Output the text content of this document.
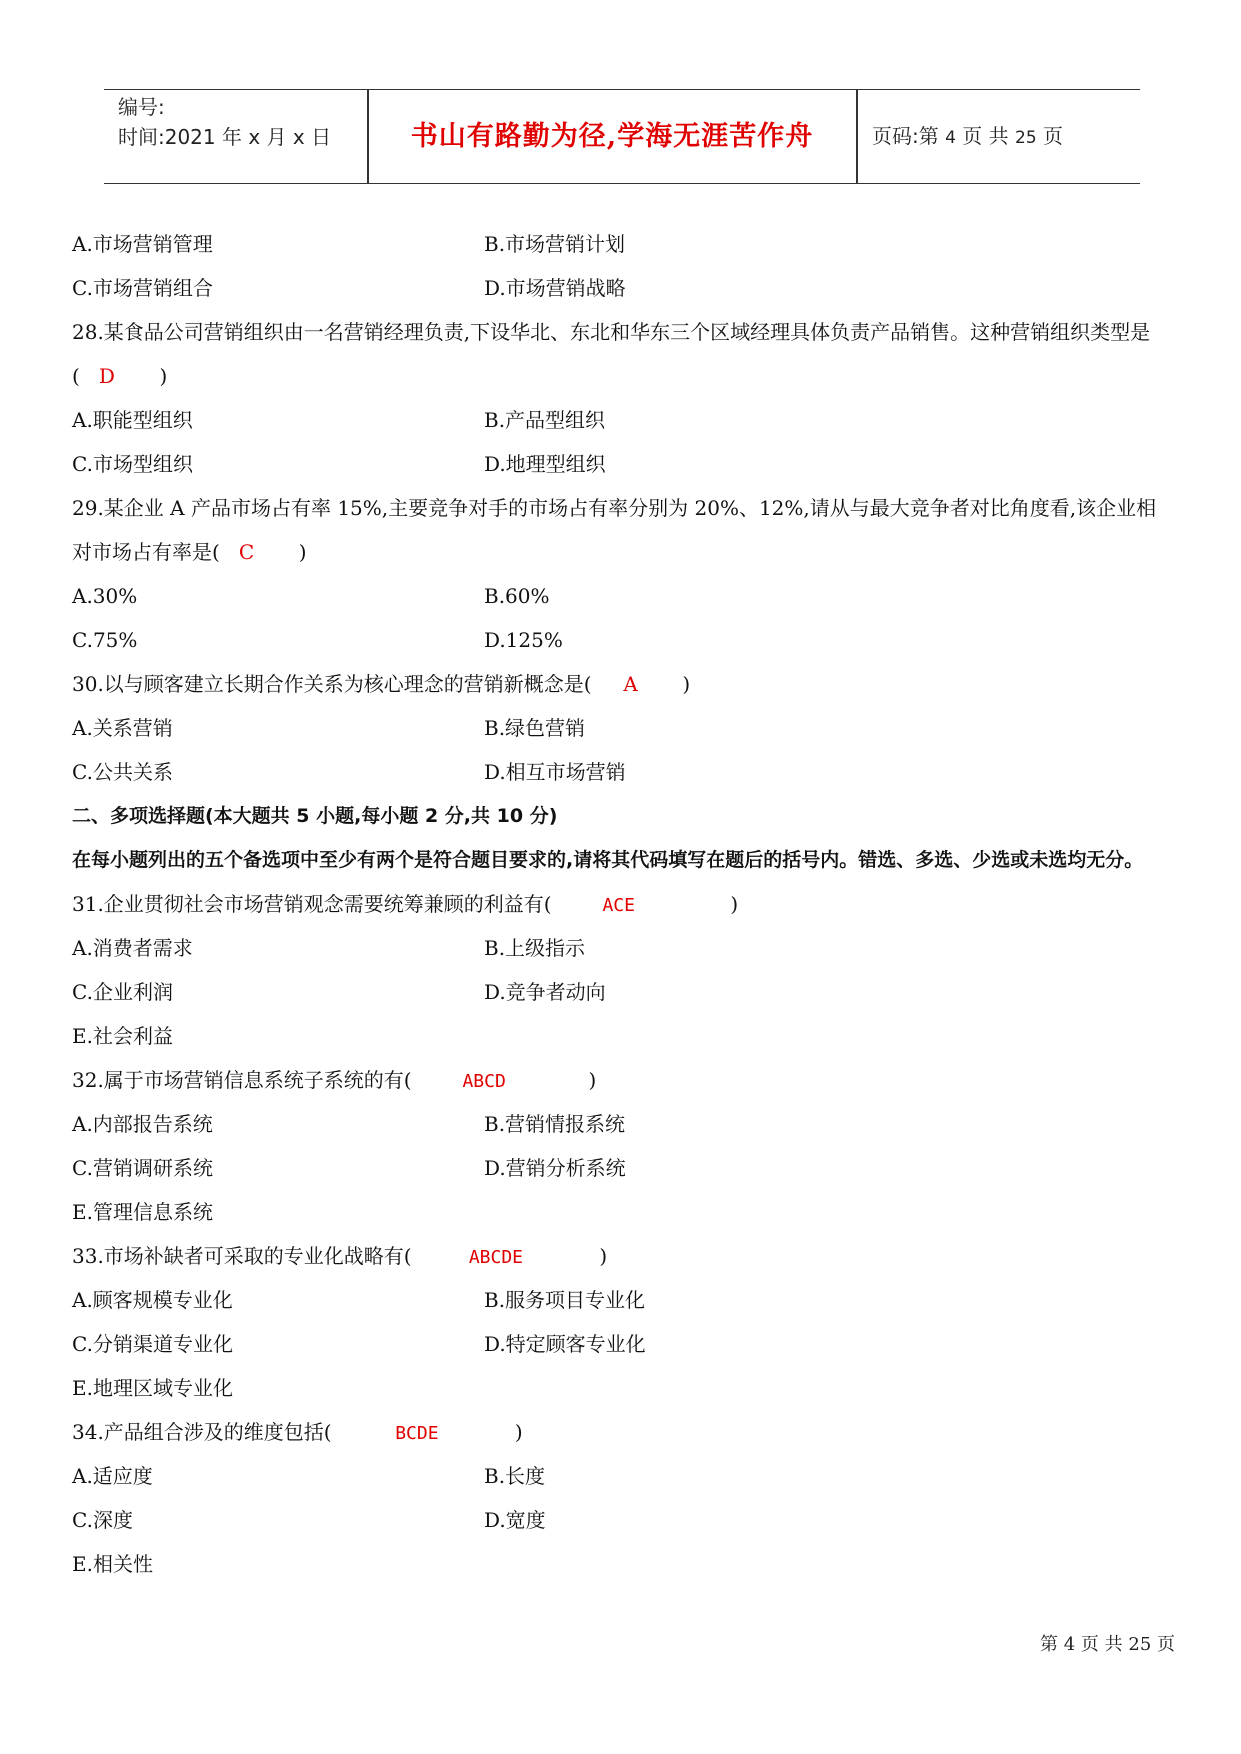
编号:
时间:2021 年 x 月 x 日	书山有路勤为径,学海无涯苦作舟	页码:第 4 页 共 25 页
A.市场营销管理	B.市场营销计划
C.市场营销组合	D.市场营销战略
28.某食品公司营销组织由一名营销经理负责,下设华北、东北和华东三个区域经理具体负责产品销售。这种营销组织类型是( D )
A.职能型组织	B.产品型组织
C.市场型组织	D.地理型组织
29.某企业 A 产品市场占有率 15%,主要竞争对手的市场占有率分别为 20%、12%,请从与最大竞争者对比角度看,该企业相对市场占有率是( C )
A.30%	B.60%
C.75%	D.125%
30.以与顾客建立长期合作关系为核心理念的营销新概念是( A )
A.关系营销	B.绿色营销
C.公共关系	D.相互市场营销
二、多项选择题(本大题共 5 小题,每小题 2 分,共 10 分)
在每小题列出的五个备选项中至少有两个是符合题目要求的,请将其代码填写在题后的括号内。错选、多选、少选或未选均无分。
31.企业贯彻社会市场营销观念需要统筹兼顾的利益有(	ACE	)
A.消费者需求	B.上级指示
C.企业利润	D.竞争者动向
E.社会利益
32.属于市场营销信息系统子系统的有(	ABCD	)
A.内部报告系统	B.营销情报系统
C.营销调研系统	D.营销分析系统
E.管理信息系统
33.市场补缺者可采取的专业化战略有(	ABCDE	)
A.顾客规模专业化	B.服务项目专业化
C.分销渠道专业化	D.特定顾客专业化
E.地理区域专业化
34.产品组合涉及的维度包括(	BCDE	)
A.适应度	B.长度
C.深度	D.宽度
E.相关性
第 4 页 共 25 页
